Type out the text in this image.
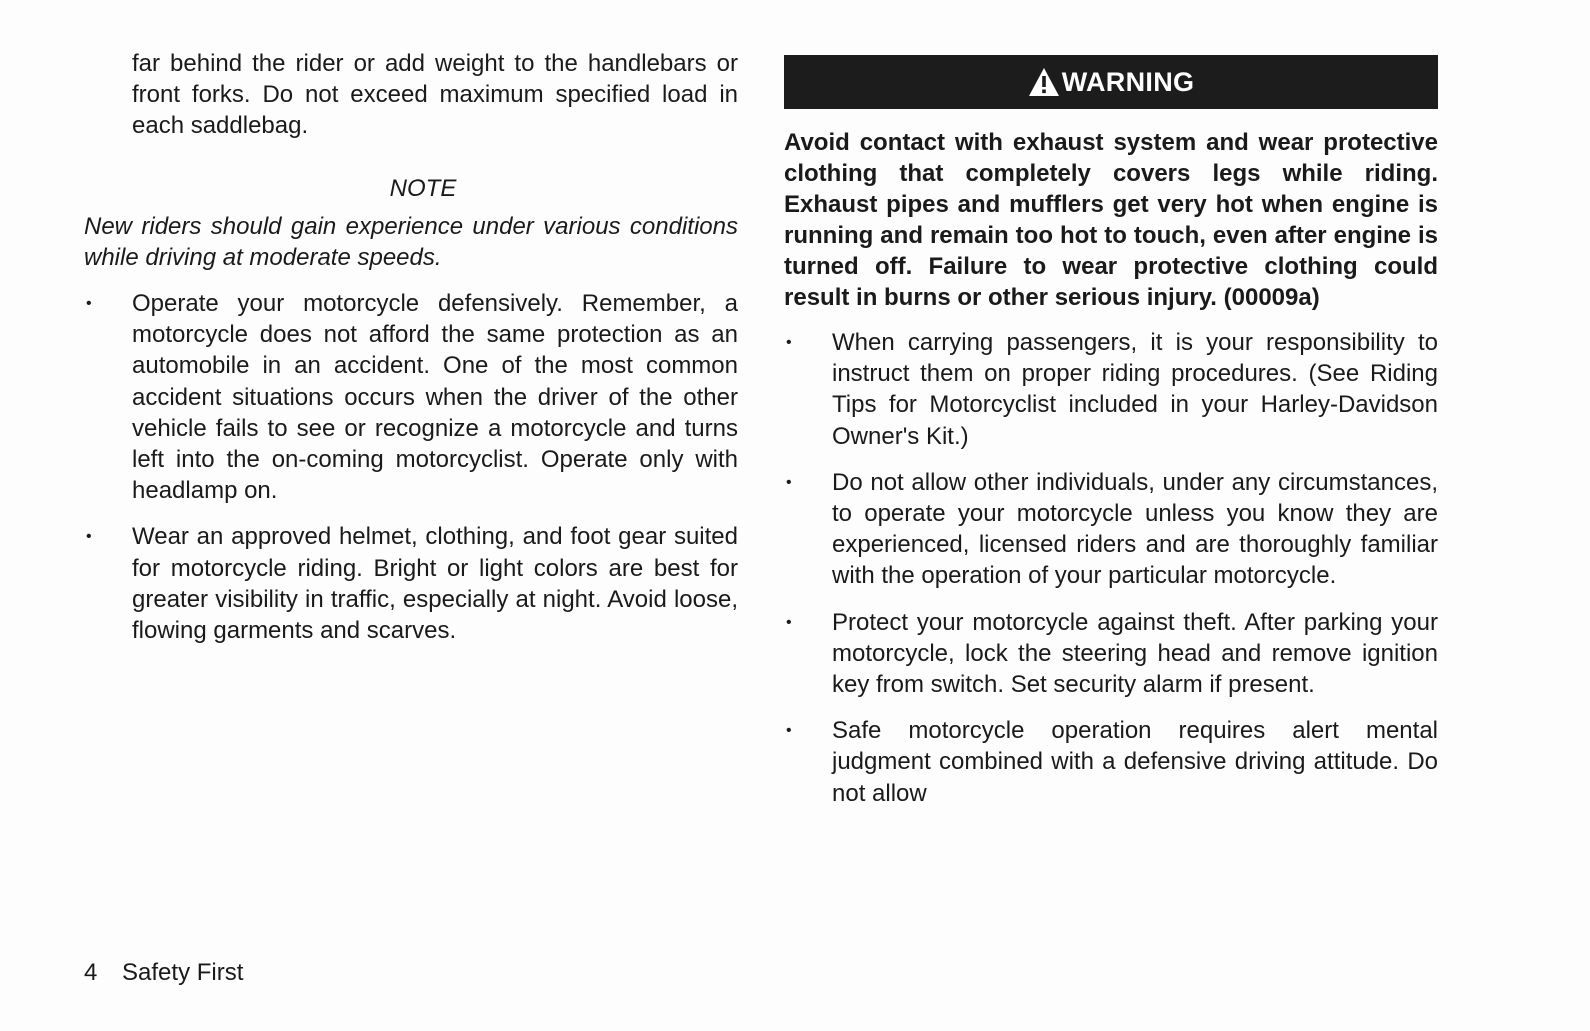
far behind the rider or add weight to the handlebars or front forks. Do not exceed maximum specified load in each saddlebag.

NOTE

New riders should gain experience under various conditions while driving at moderate speeds.

• Operate your motorcycle defensively. Remember, a motorcycle does not afford the same protection as an automobile in an accident. One of the most common accident situations occurs when the driver of the other vehicle fails to see or recognize a motorcycle and turns left into the on-coming motorcyclist. Operate only with headlamp on.
• Wear an approved helmet, clothing, and foot gear suited for motorcycle riding. Bright or light colors are best for greater visibility in traffic, especially at night. Avoid loose, flowing garments and scarves.
WARNING

Avoid contact with exhaust system and wear protective clothing that completely covers legs while riding. Exhaust pipes and mufflers get very hot when engine is running and remain too hot to touch, even after engine is turned off. Failure to wear protective clothing could result in burns or other serious injury. (00009a)

• When carrying passengers, it is your responsibility to instruct them on proper riding procedures. (See Riding Tips for Motorcyclist included in your Harley-Davidson Owner's Kit.)
• Do not allow other individuals, under any circumstances, to operate your motorcycle unless you know they are experienced, licensed riders and are thoroughly familiar with the operation of your particular motorcycle.
• Protect your motorcycle against theft. After parking your motorcycle, lock the steering head and remove ignition key from switch. Set security alarm if present.
• Safe motorcycle operation requires alert mental judgment combined with a defensive driving attitude. Do not allow
4 Safety First
